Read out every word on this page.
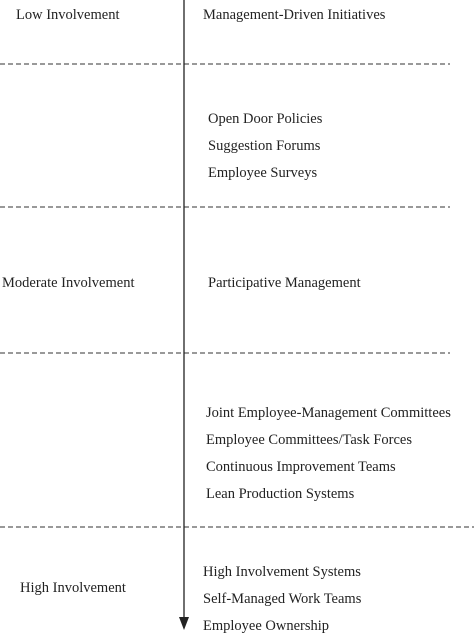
Low Involvement
Moderate Involvement
High Involvement
Management-Driven Initiatives
Open Door Policies
Suggestion Forums
Employee Surveys
Participative Management
Joint Employee-Management Committees
Employee Committees/Task Forces
Continuous Improvement Teams
Lean Production Systems
High Involvement Systems
Self-Managed Work Teams
Employee Ownership
